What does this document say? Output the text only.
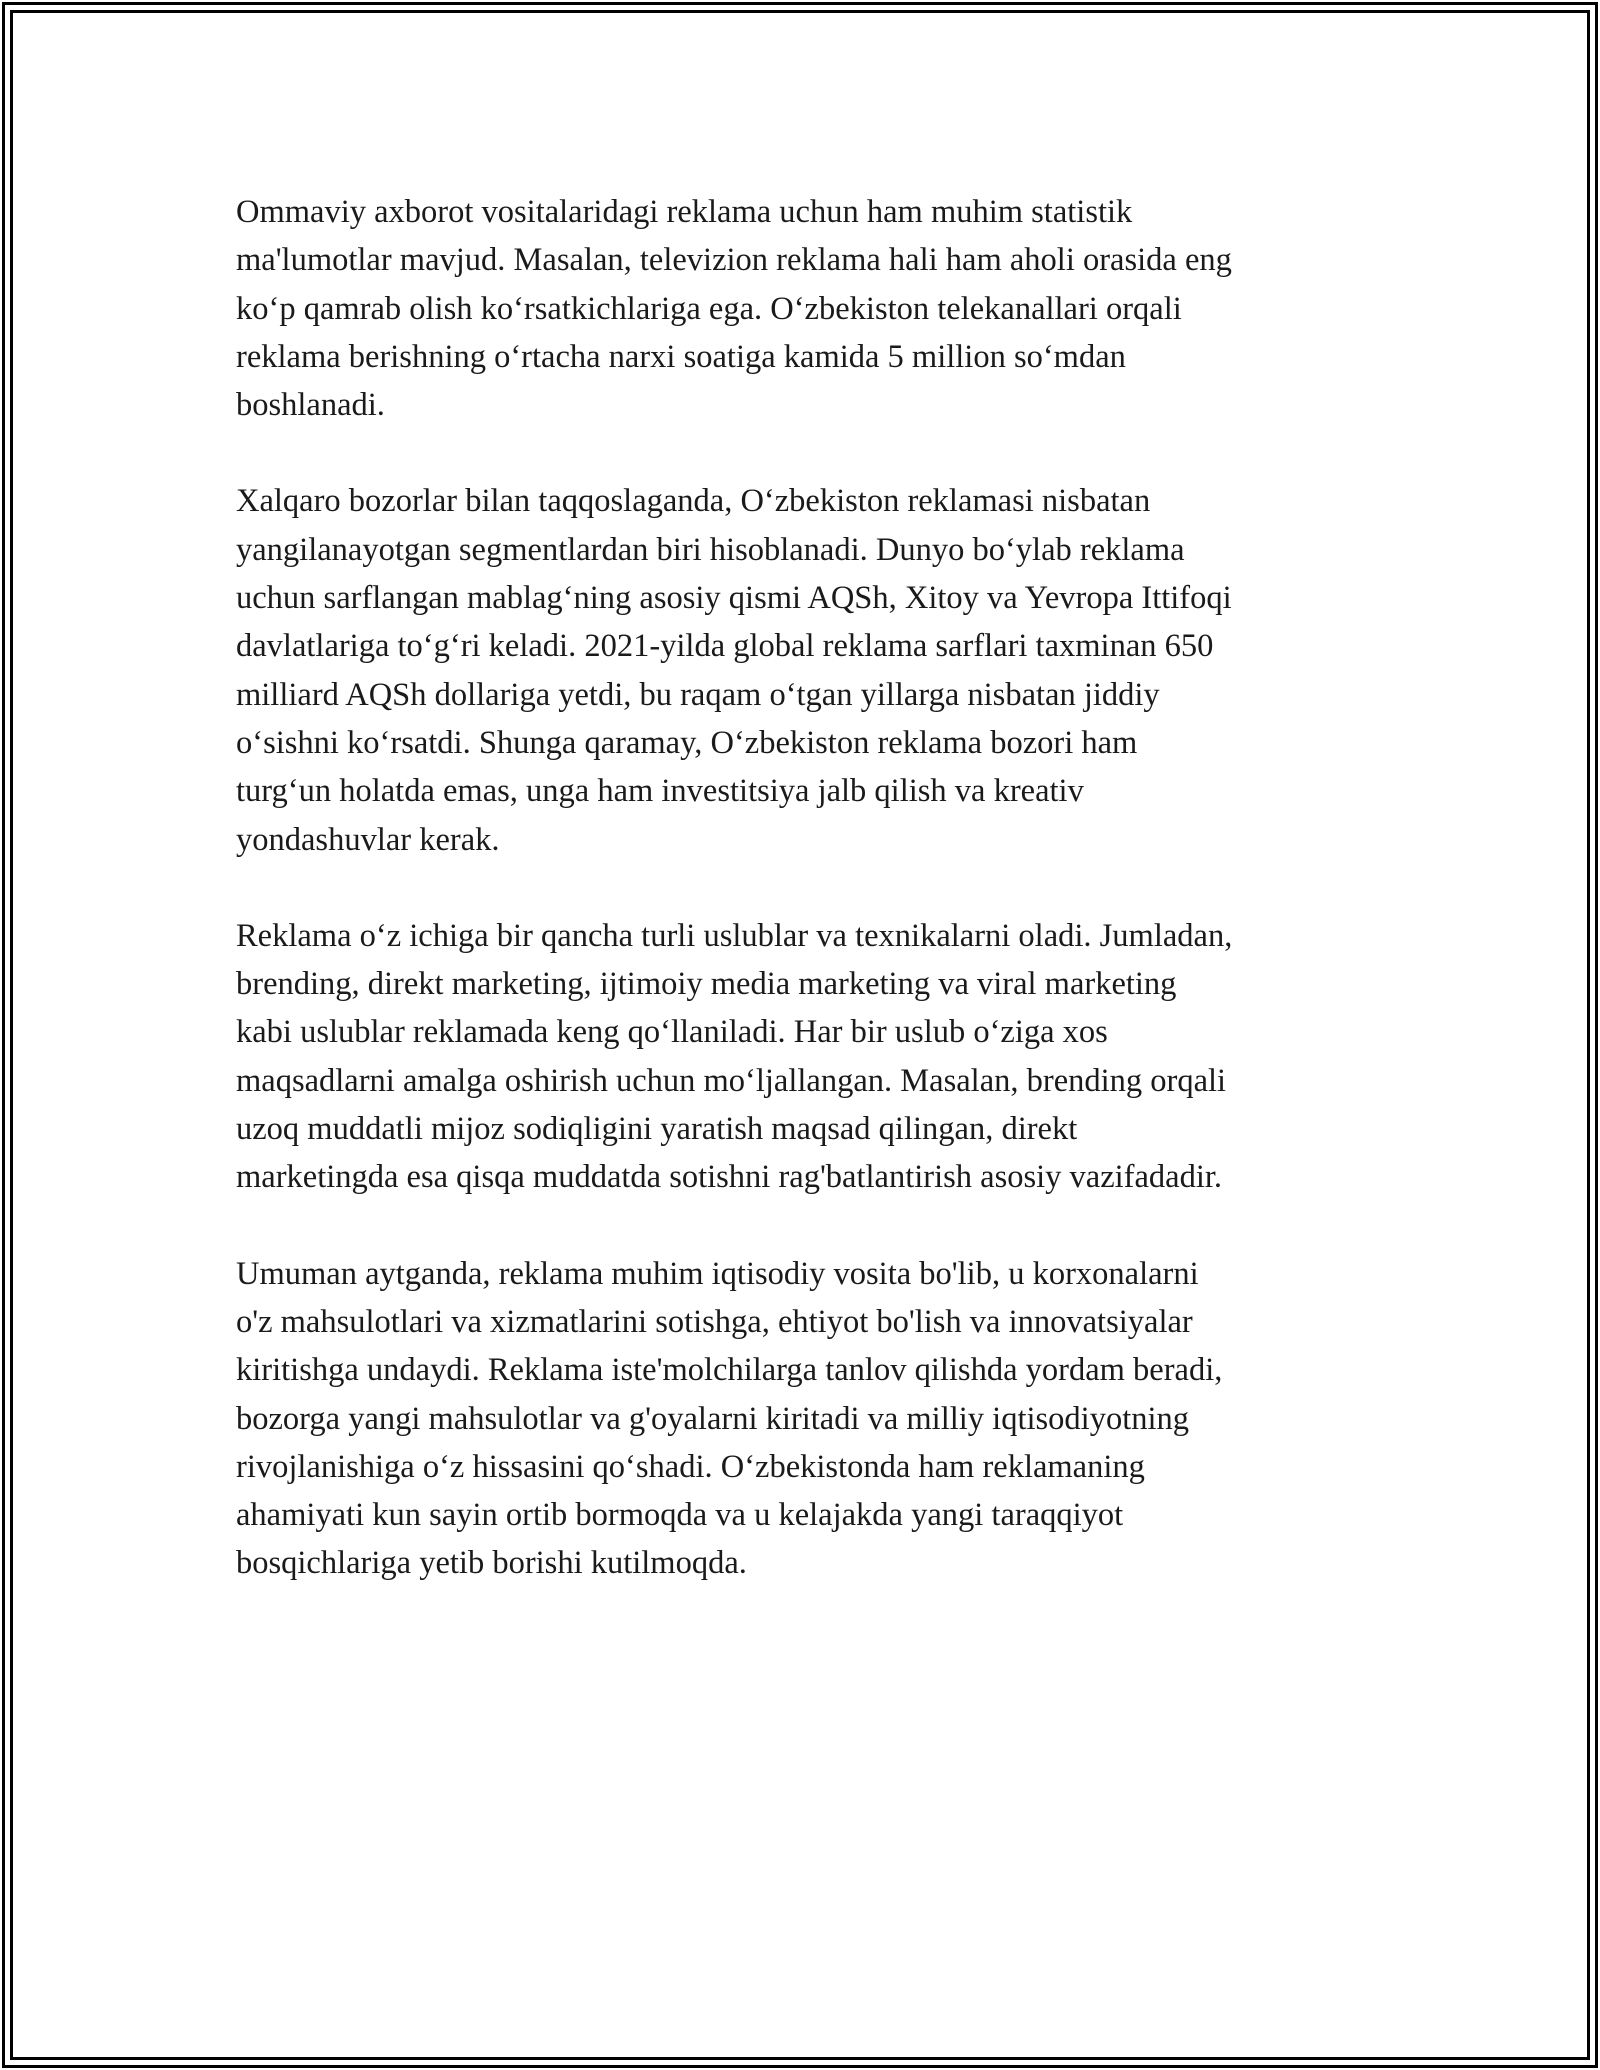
Ommaviy axborot vositalaridagi reklama uchun ham muhim statistik
ma'lumotlar mavjud. Masalan, televizion reklama hali ham aholi orasida eng
ko‘p qamrab olish ko‘rsatkichlariga ega. O‘zbekiston telekanallari orqali
reklama berishning o‘rtacha narxi soatiga kamida 5 million so‘mdan
boshlanadi.

Xalqaro bozorlar bilan taqqoslaganda, O‘zbekiston reklamasi nisbatan
yangilanayotgan segmentlardan biri hisoblanadi. Dunyo bo‘ylab reklama
uchun sarflangan mablag‘ning asosiy qismi AQSh, Xitoy va Yevropa Ittifoqi
davlatlariga to‘g‘ri keladi. 2021-yilda global reklama sarflari taxminan 650
milliard AQSh dollariga yetdi, bu raqam o‘tgan yillarga nisbatan jiddiy
o‘sishni ko‘rsatdi. Shunga qaramay, O‘zbekiston reklama bozori ham
turg‘un holatda emas, unga ham investitsiya jalb qilish va kreativ
yondashuvlar kerak.

Reklama o‘z ichiga bir qancha turli uslublar va texnikalarni oladi. Jumladan,
brending, direkt marketing, ijtimoiy media marketing va viral marketing
kabi uslublar reklamada keng qo‘llaniladi. Har bir uslub o‘ziga xos
maqsadlarni amalga oshirish uchun mo‘ljallangan. Masalan, brending orqali
uzoq muddatli mijoz sodiqligini yaratish maqsad qilingan, direkt
marketingda esa qisqa muddatda sotishni rag'batlantirish asosiy vazifadadir.

Umuman aytganda, reklama muhim iqtisodiy vosita bo'lib, u korxonalarni
o'z mahsulotlari va xizmatlarini sotishga, ehtiyot bo'lish va innovatsiyalar
kiritishga undaydi. Reklama iste'molchilarga tanlov qilishda yordam beradi,
bozorga yangi mahsulotlar va g'oyalarni kiritadi va milliy iqtisodiyotning
rivojlanishiga o‘z hissasini qo‘shadi. O‘zbekistonda ham reklamaning
ahamiyati kun sayin ortib bormoqda va u kelajakda yangi taraqqiyot
bosqichlariga yetib borishi kutilmoqda.
